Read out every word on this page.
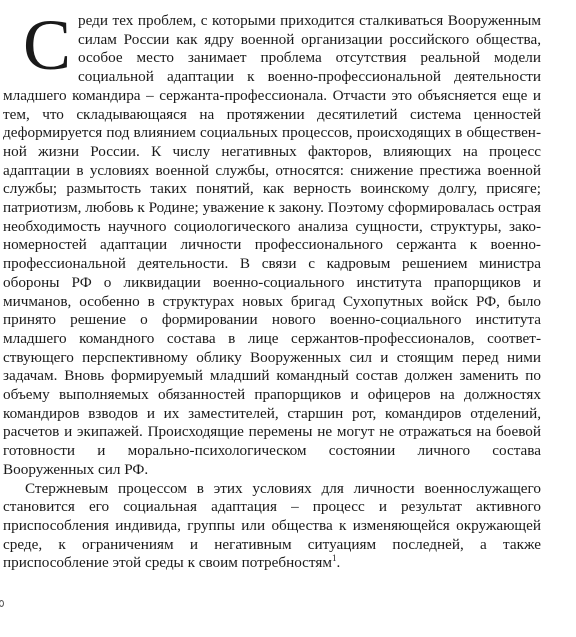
Среди тех проблем, с которыми приходится сталкиваться Вооруженным силам России как ядру военной организации российского общества, особое место занимает проблема отсутствия реальной модели социальной адаптации к военно-профессиональной деятельности младшего командира – сержанта-профессионала. Отчасти это объясняется еще и тем, что складывающаяся на протяжении десятилетий система ценностей деформируется под влиянием социальных процессов, происходящих в общественной жизни России. К числу негативных факторов, влияющих на процесс адаптации в условиях военной службы, относятся: снижение престижа военной службы; размытость таких понятий, как верность воинскому долгу, присяге; патриотизм, любовь к Родине; уважение к закону. Поэтому сформировалась острая необходимость научного социологического анализа сущности, структуры, закономерностей адаптации личности профессионального сержанта к военно-профессиональной деятельности. В связи с кадровым решением министра обороны РФ о ликвидации военно-социального института прапорщиков и мичманов, особенно в структурах новых бригад Сухопутных войск РФ, было принято решение о формировании нового военно-социального института младшего командного состава в лице сержантов-профессионалов, соответствующего перспективному облику Вооруженных сил и стоящим перед ними задачам. Вновь формируемый младший командный состав должен заменить по объему выполняемых обязанностей прапорщиков и офицеров на должностях командиров взводов и их заместителей, старшин рот, командиров отделений, расчетов и экипажей. Происходящие перемены не могут не отражаться на боевой готовности и морально-психологическом состоянии личного состава Вооруженных сил РФ.

Стержневым процессом в этих условиях для личности военнослужащего становится его социальная адаптация – процесс и результат активного приспособления индивида, группы или общества к изменяющейся окружающей среде, к ограничениям и негативным ситуациям последней, а также приспособление этой среды к своим потребностям$^1$.
